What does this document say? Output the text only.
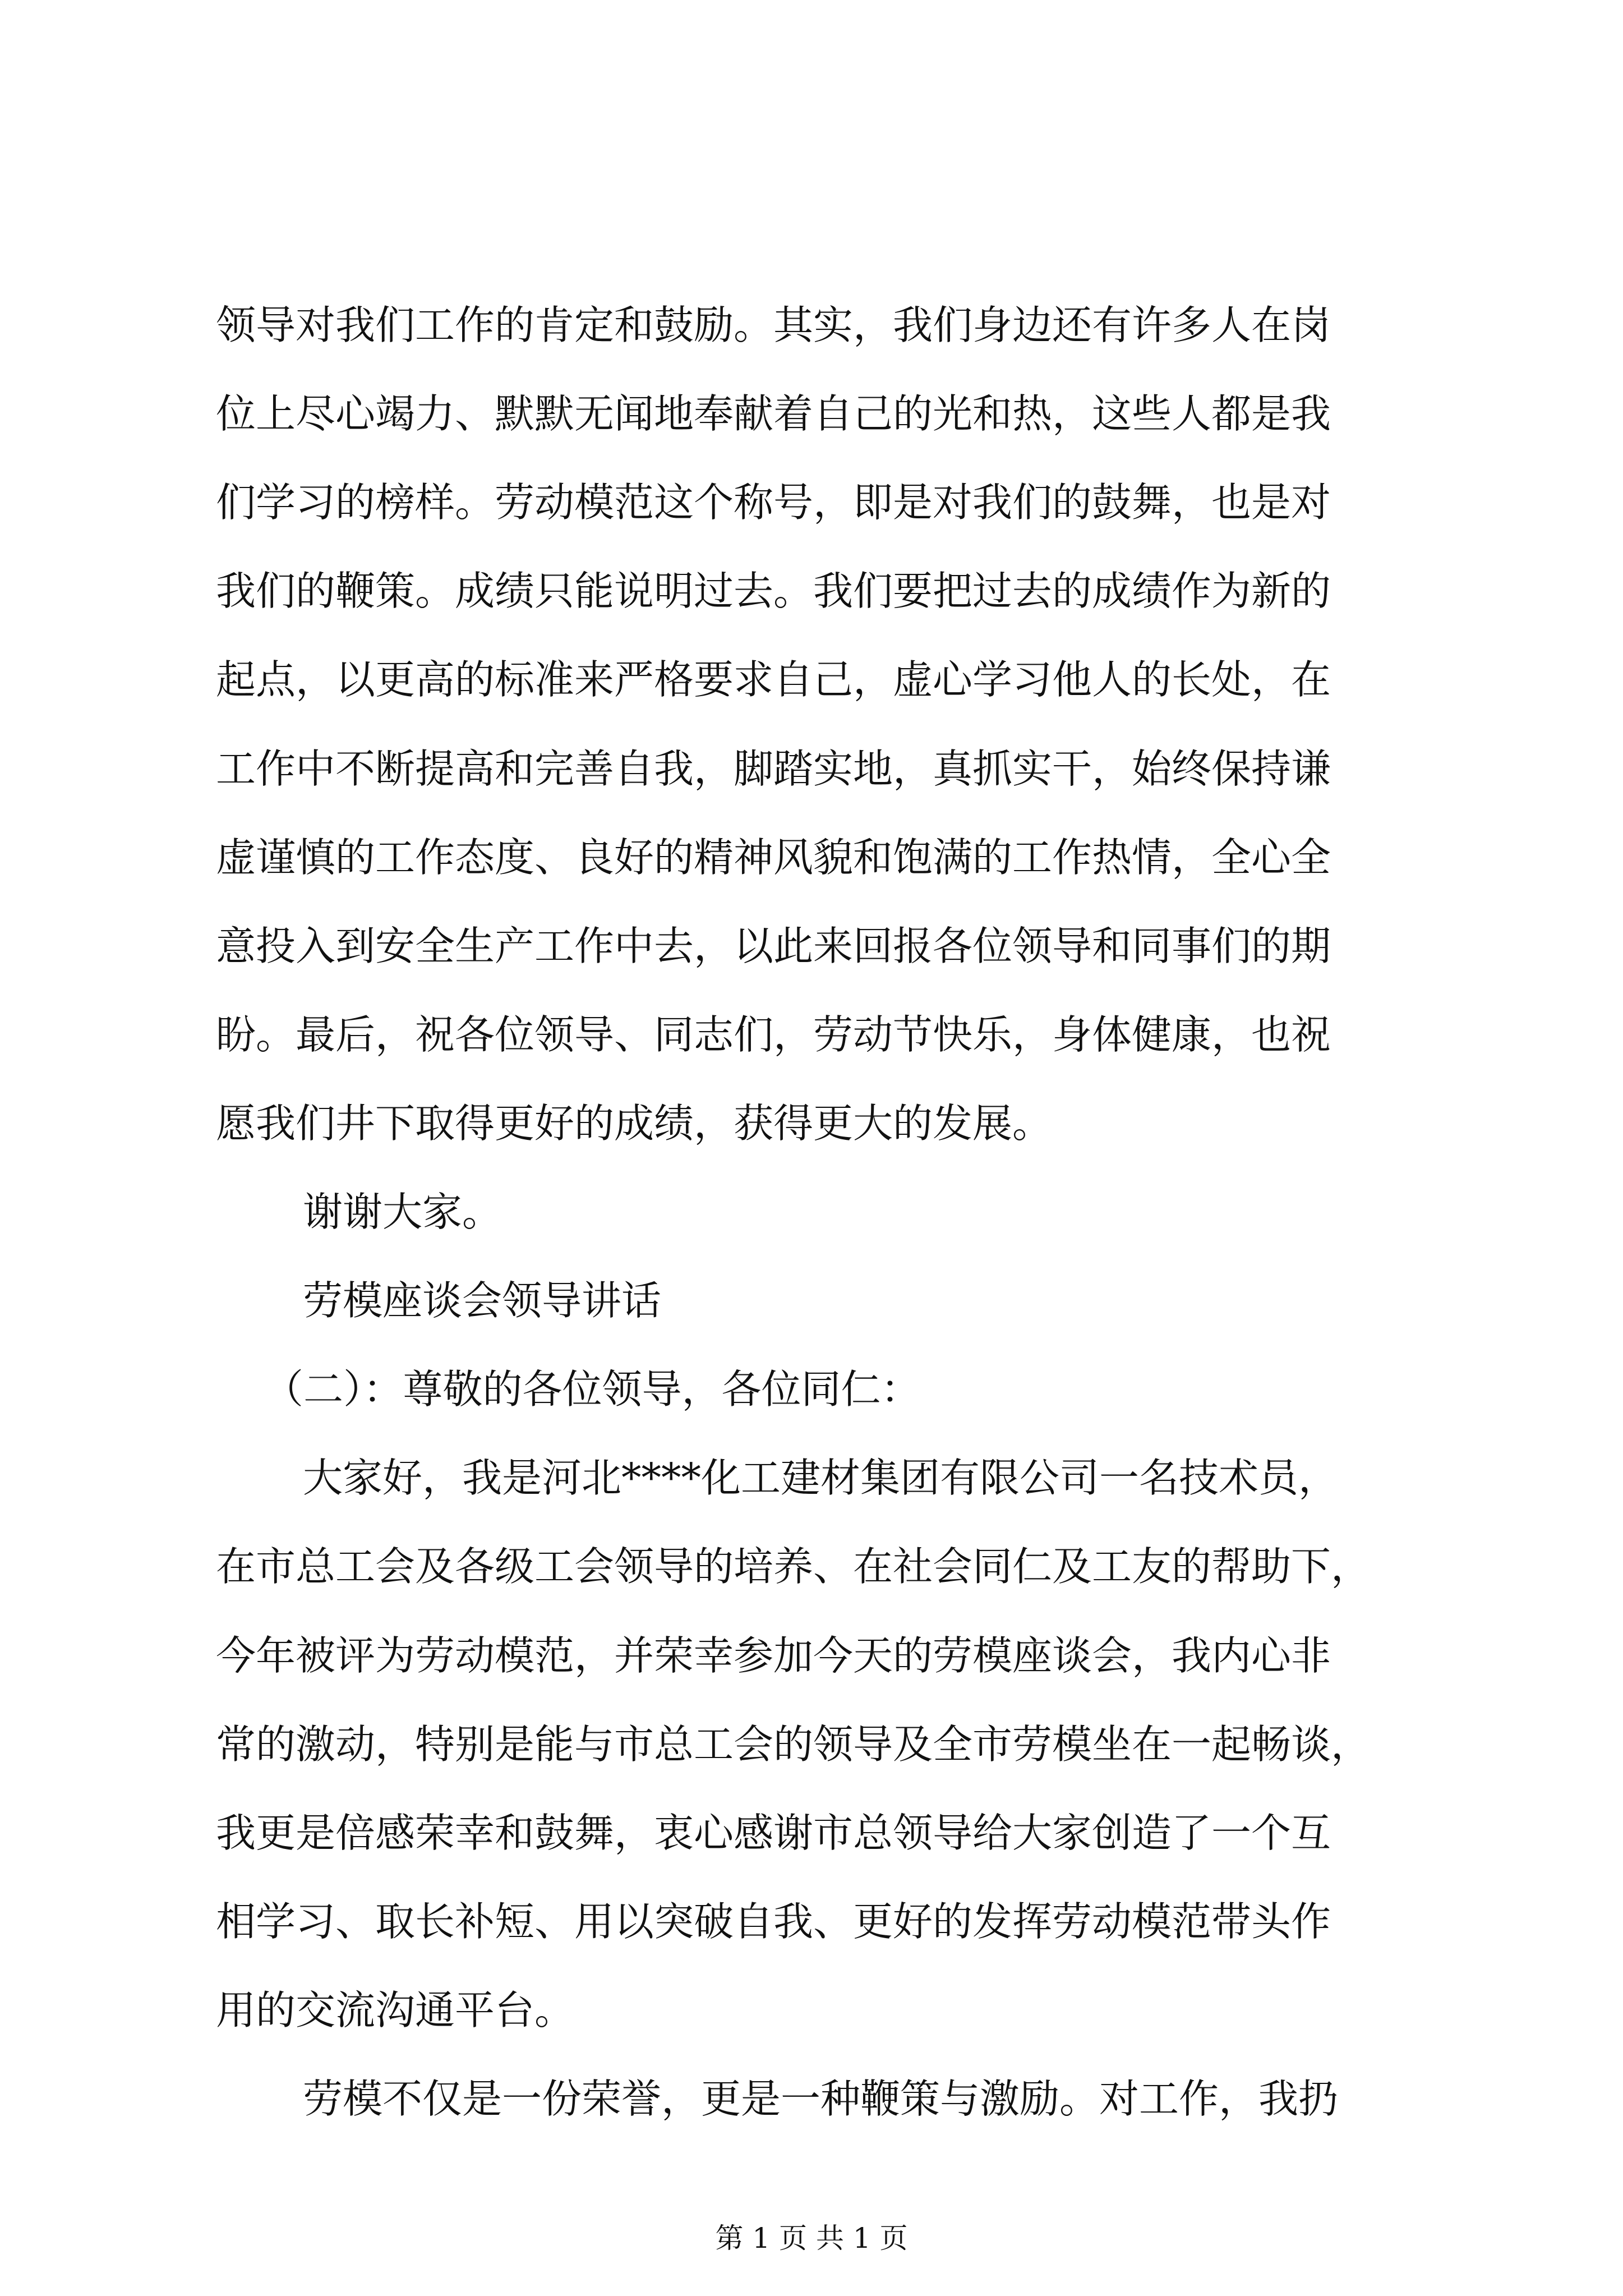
领导对我们工作的肯定和鼓励。其实，我们身边还有许多人在岗

位上尽心竭力、默默无闻地奉献着自己的光和热，这些人都是我

们学习的榜样。劳动模范这个称号，即是对我们的鼓舞，也是对

我们的鞭策。成绩只能说明过去。我们要把过去的成绩作为新的

起点，以更高的标准来严格要求自己，虚心学习他人的长处，在

工作中不断提高和完善自我，脚踏实地，真抓实干，始终保持谦

虚谨慎的工作态度、良好的精神风貌和饱满的工作热情，全心全

意投入到安全生产工作中去，以此来回报各位领导和同事们的期

盼。最后，祝各位领导、同志们，劳动节快乐，身体健康，也祝

愿我们井下取得更好的成绩，获得更大的发展。

谢谢大家。

劳模座谈会领导讲话

（二）：尊敬的各位领导，各位同仁：

大家好，我是河北****化工建材集团有限公司一名技术员，

在市总工会及各级工会领导的培养、在社会同仁及工友的帮助下，

今年被评为劳动模范，并荣幸参加今天的劳模座谈会，我内心非

常的激动，特别是能与市总工会的领导及全市劳模坐在一起畅谈，

我更是倍感荣幸和鼓舞，衷心感谢市总领导给大家创造了一个互

相学习、取长补短、用以突破自我、更好的发挥劳动模范带头作

用的交流沟通平台。

劳模不仅是一份荣誉，更是一种鞭策与激励。对工作，我扔

第 1 页 共 1 页
